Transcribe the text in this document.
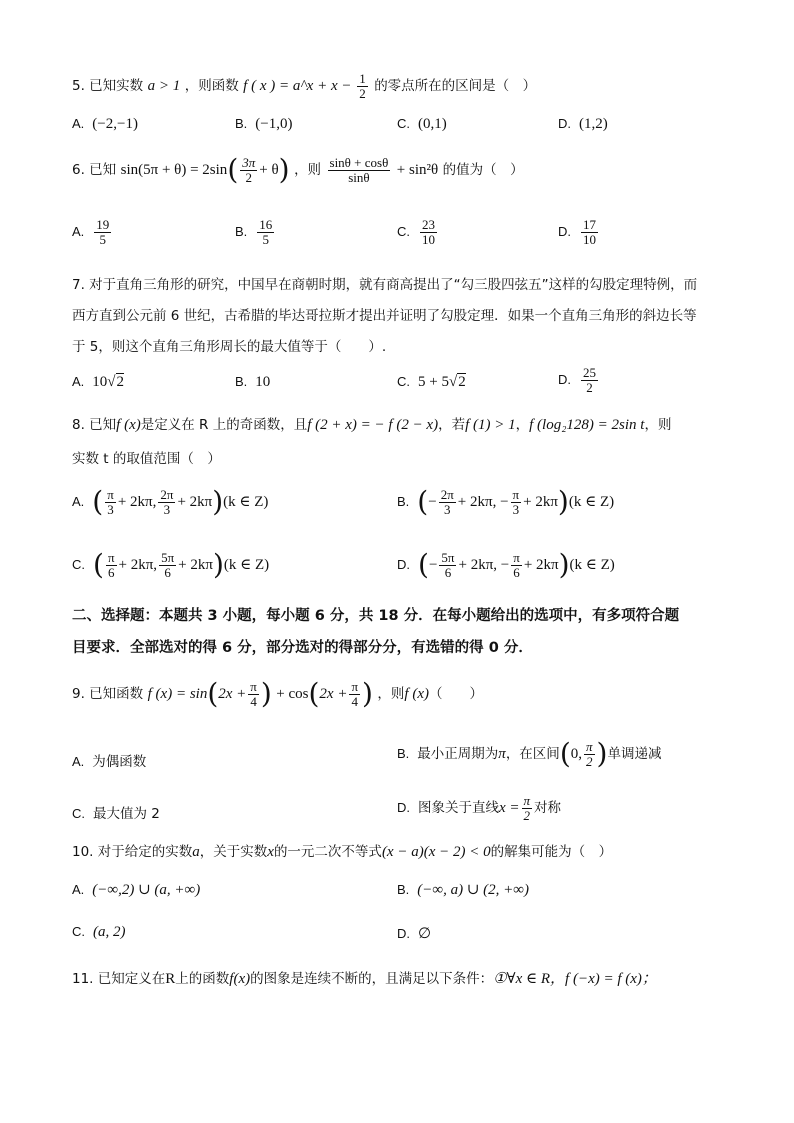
5. 已知实数 a > 1 ，则函数 f ( x ) = a^x + $x - \frac{1}{2}$ 的零点所在的区间是（　）
A. (−2,−1)	B. (−1,0)	C. (0,1)	D. (1,2)
6. 已知 $\sin(5\pi + \theta) = 2\sin( \frac{3\pi}{2} + \theta)$ ，则 $\frac{\sin\theta + \cos\theta}{\sin\theta} + \sin^2\theta$ 的值为（　）
A. $\frac{19}{5}$	B. $\frac{16}{5}$	C. $\frac{23}{10}$	D. $\frac{17}{10}$
7. 对于直角三角形的研究，中国早在商朝时期，就有商高提出了“勾三股四弦五”这样的勾股定理特例，而
西方直到公元前 6 世纪，古希腊的毕达哥拉斯才提出并证明了勾股定理．如果一个直角三角形的斜边长等
于 5，则这个直角三角形周长的最大值等于（　　）.
A. 10√2	B. 10	C. 5 + 5√2	D. $\frac{25}{2}$
8. 已知f (x)是定义在 R 上的奇函数，且f (2 + x) = − f (2 − x)，若f (1) > 1，f (log₂128) = 2sin t，则
实数 t 的取值范围（　）
A. ( $\frac{\pi}{3} + 2k\pi$, $\frac{2\pi}{3} + 2k\pi)(k$ ∈ Z)	B. (− $\frac{2\pi}{3} + 2k\pi$, − $\frac{\pi}{3} + 2k\pi)(k$ ∈ Z)
C. ( $\frac{\pi}{6} + 2k\pi$, $\frac{5\pi}{6} + 2k\pi)(k$ ∈ Z)	D. (− $\frac{5\pi}{6} + 2k\pi$, − $\frac{\pi}{6} + 2k\pi)(k$ ∈ Z)
二、选择题：本题共 3 小题，每小题 6 分，共 18 分．在每小题给出的选项中，有多项符合题
目要求．全部选对的得 6 分，部分选对的得部分分，有选错的得 0 分．
9. 已知函数 f $(x) = \sin(2x + \frac{\pi}{4}$ ) + $\cos(2x + \frac{\pi}{4}$ ) ，则f (x)（　　）
A. 为偶函数
B. 最小正周期为π，在区间(0, $\frac{\pi}{2}$ )单调递减
C. 最大值为 2	D. 图象关于直线$x = \frac{\pi}{2}$ 对称
10. 对于给定的实数a，关于实数x的一元二次不等式(x − a)(x − 2) < 0的解集可能为（　）
A. (−∞,2) ∪ (a, +∞)	B. (−∞, a) ∪ (2, +∞)
C. (a, 2)	D. ∅
11. 已知定义在R上的函数f(x)的图象是连续不断的，且满足以下条件：①∀x ∈ R，f (−x) = f (x)；
